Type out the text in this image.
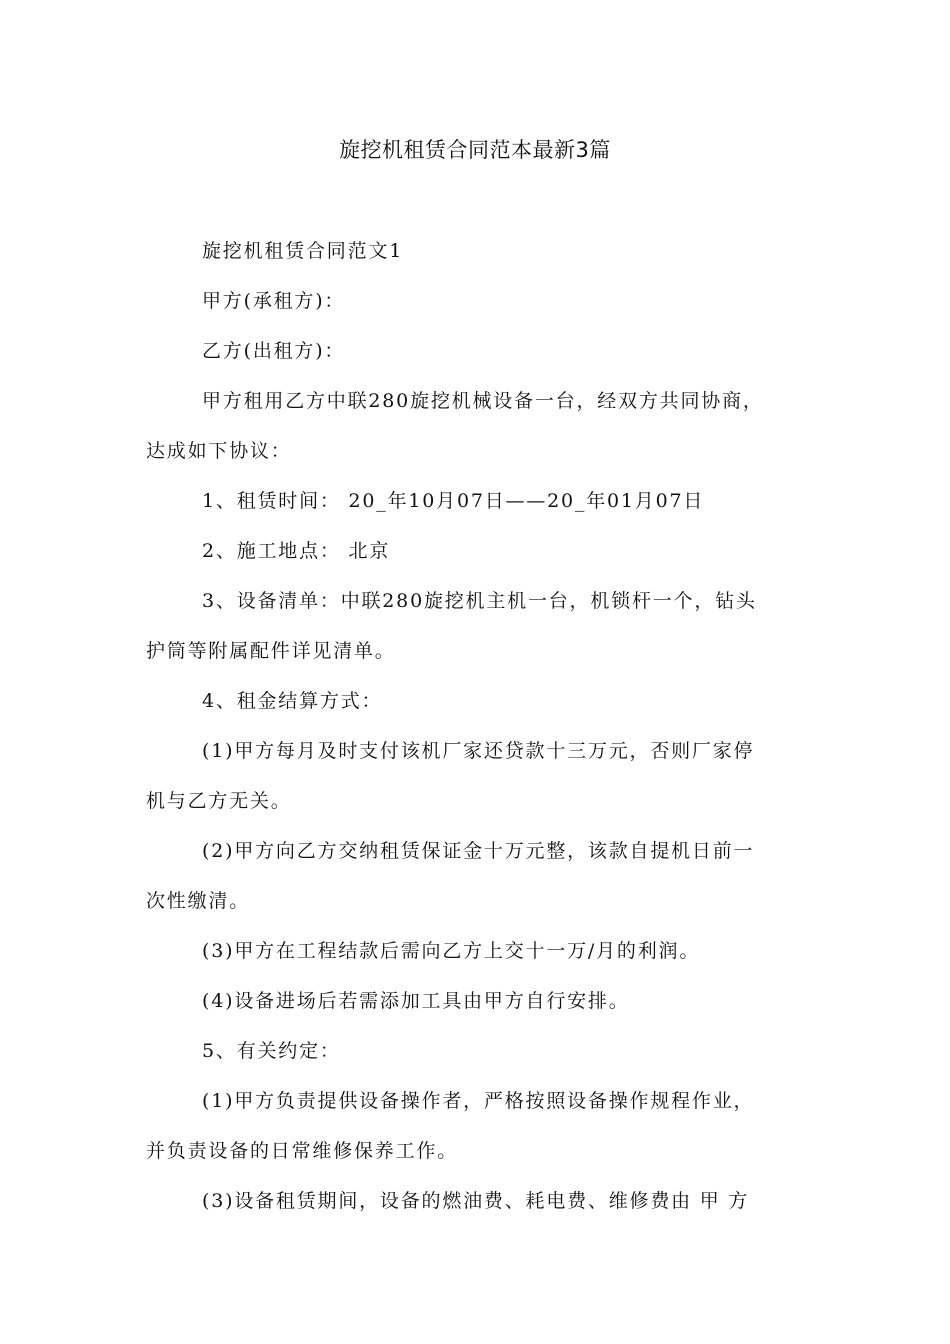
旋挖机租赁合同范本最新3篇
旋挖机租赁合同范文1
甲方(承租方)：
乙方(出租方)：
甲方租用乙方中联280旋挖机械设备一台，经双方共同协商，
达成如下协议：
1、租赁时间： 20_年10月07日——20_年01月07日
2、施工地点： 北京
3、设备清单：中联280旋挖机主机一台，机锁杆一个，钻头
护筒等附属配件详见清单。
4、租金结算方式：
(1)甲方每月及时支付该机厂家还贷款十三万元，否则厂家停
机与乙方无关。
(2)甲方向乙方交纳租赁保证金十万元整，该款自提机日前一
次性缴清。
(3)甲方在工程结款后需向乙方上交十一万/月的利润。
(4)设备进场后若需添加工具由甲方自行安排。
5、有关约定：
(1)甲方负责提供设备操作者，严格按照设备操作规程作业，
并负责设备的日常维修保养工作。
(3)设备租赁期间，设备的燃油费、耗电费、维修费由 甲 方
